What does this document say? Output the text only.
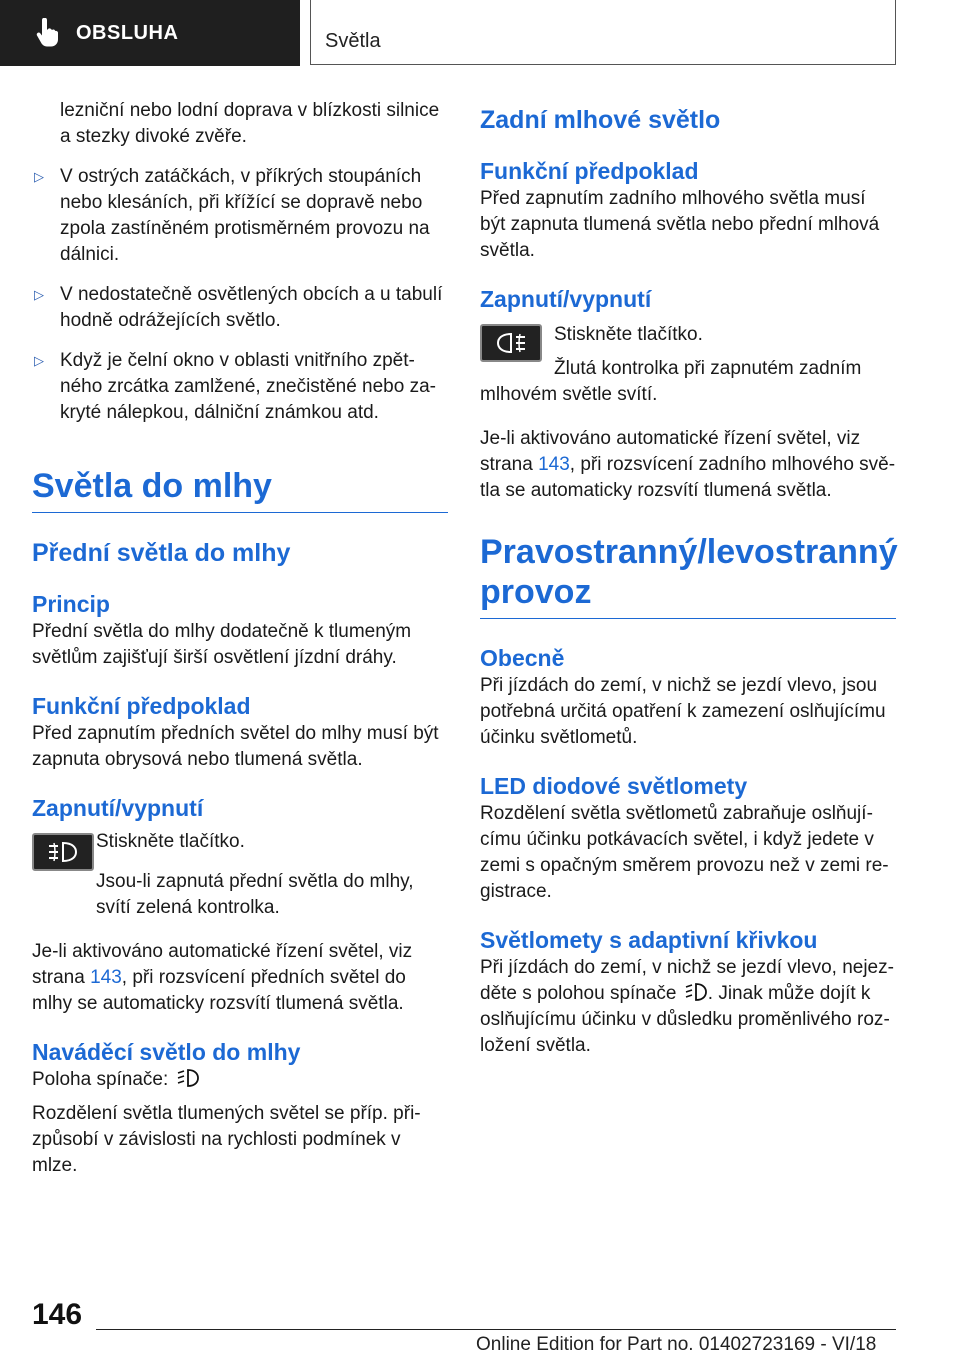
OBSLUHA	Světla

lezniční nebo lodní doprava v blízkosti silnice a stezky divoké zvěře.

▷ V ostrých zatáčkách, v příkrých stoupáních nebo klesáních, při křížící se dopravě nebo zpola zastíněném protisměrném provozu na dálnici.

▷ V nedostatečně osvětlených obcích a u tabulí hodně odrážejících světlo.

▷ Když je čelní okno v oblasti vnitřního zpětného zrcátka zamlžené, znečistěné nebo zakryté nálepkou, dálniční známkou atd.

Světla do mlhy
Přední světla do mlhy
Princip

Přední světla do mlhy dodatečně k tlumeným světlům zajišťují širší osvětlení jízdní dráhy.

Funkční předpoklad

Před zapnutím předních světel do mlhy musí být zapnuta obrysová nebo tlumená světla.

Zapnutí/vypnutí

Stiskněte tlačítko.

Jsou-li zapnutá přední světla do mlhy, svítí zelená kontrolka.

Je-li aktivováno automatické řízení světel, viz strana 143, při rozsvícení předních světel do mlhy se automaticky rozsvítí tlumená světla.

Naváděcí světlo do mlhy

Poloha spínače:

Rozdělení světla tlumených světel se příp. přizpůsobí v závislosti na rychlosti podmínek v mlze.

Zadní mlhové světlo
Funkční předpoklad

Před zapnutím zadního mlhového světla musí být zapnuta tlumená světla nebo přední mlhová světla.

Zapnutí/vypnutí

Stiskněte tlačítko.

Žlutá kontrolka při zapnutém zadním mlhovém světle svítí.

Je-li aktivováno automatické řízení světel, viz strana 143, při rozsvícení zadního mlhového světla se automaticky rozsvítí tlumená světla.

Pravostranný/levostranný provoz
Obecně

Při jízdách do zemí, v nichž se jezdí vlevo, jsou potřebná určitá opatření k zamezení oslňujícímu účinku světlometů.

LED diodové světlomety

Rozdělení světla světlometů zabraňuje oslňujícímu účinku potkávacích světel, i když jedete v zemi s opačným směrem provozu než v zemi registrace.

Světlomety s adaptivní křivkou

Při jízdách do zemí, v nichž se jezdí vlevo, nejezděte s polohou spínače . Jinak může dojít k oslňujícímu účinku v důsledku proměnlivého rozložení světla.

146
Online Edition for Part no. 01402723169 - VI/18
